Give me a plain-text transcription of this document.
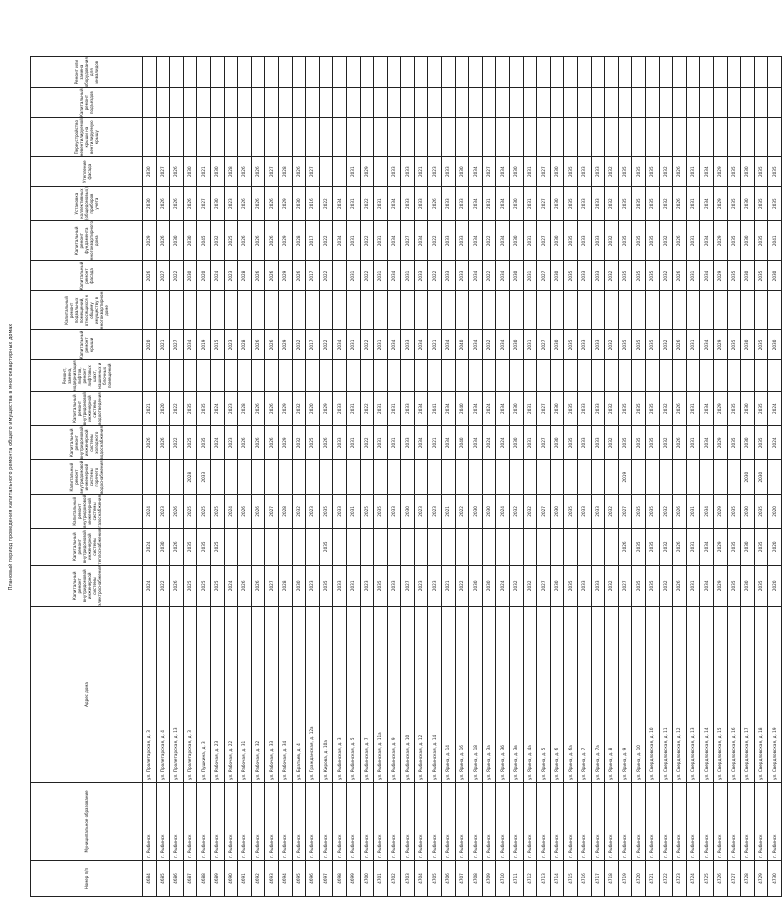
Плановый период проведения капитального ремонта общего имущества в многоквартирных домах
Номер п/п	Муниципальное образование	Адрес дома	Капитальный ремонт внутридомовой инженерной системы электроснабжения	Капитальный ремонт внутридомовой инженерной системы теплоснабжения	Капитальный ремонт внутридомовой инженерной системы газоснабжения	Капитальный ремонт внутридомовой инженерной системы горячего водоснабжения	Капитальный ремонт внутридомовой инженерной системы холодного водоснабжения	Капитальный ремонт внутридомовой инженерной системы водоотведения	Ремонт, замена, модернизация лифтов, ремонт лифтовых шахт, машинных и блочных помещений	Капитальный ремонт крыши	Капитальный ремонт подвальных помещений, относящихся к общему имуществу в многоквартирном доме	Капитальный ремонт фасада	Капитальный ремонт фундамента многоквартирного дома	Установка коллективных (общедомовых) приборов учета	Утепление фасада	Переустройство невентилируемой крыши на вентилируемую крышу	Капитальный ремонт подъездов	Ремонт или замена оборудования для инвалидов
4684	г. Рыбинск	ул. Пролетарская, д. 3	2024	2024	2024		2026	2021		2020		2026	2029	2030	2030			
4685	г. Рыбинск	ул. Пролетарская, д. 4	2022	2030	2023		2026	2020		2021		2027	2026	2026	2027			
4686	г. Рыбинск	ул. Пролетарская, д. 13	2026	2026	2026		2022	2022		2027		2022	2030	2026	2026			
4687	г. Рыбинск	ул. Пролетарская, д. 3	2025	2035	2025	2028	2025	2035		2034		2030	2030	2026	2030			
4688	г. Рыбинск	ул. Пушкина, д. 3	2025	2035	2025	2033	2035	2035		2019		2020	2045	2027	2021			
4689	г. Рыбинск	ул. Рабочая, д. 23	2025	2025	2025		2024	2024		2015		2024	2032	2030	2030			
4690	г. Рыбинск	ул. Рабочая, д. 22	2024		2024		2023	2023		2023		2023	2025	2023	2028			
4691	г. Рыбинск	ул. Рабочая, д. 31	2026		2026		2026	2028		2028		2028	2026	2026	2026			
4692	г. Рыбинск	ул. Рабочая, д. 32	2026		2026		2026	2026		2026		2026	2026	2026	2026			
4693	г. Рыбинск	ул. Рабочая, д. 33	2027		2027		2026	2026		2026		2026	2026	2026	2027			
4694	г. Рыбинск	ул. Рабочая, д. 34	2028		2028		2029	2029		2029		2029	2029	2029	2028			
4695	г. Рыбинск	ул. Братьев, д. 4	2030		2032		2032	2032		2032		2026	2028	2030	2026			
4696	г. Рыбинск	ул. Гражданская, д. 12а	2023		2023		2025	2020		2017		2017	2017	2016	2027			
4697	г. Рыбинск	ул. Кирова, д. 10а	2035	2035	2035		2026	2029		2022		2022	2022	2022				
4698	г. Рыбинск	ул. Рыбинская, д. 3	2033		2033		2033	2033		2034			2034	2034				
4699	г. Рыбинск	ул. Рыбинская, д. 5	2031		2031		2031	2031		2031		2031	2031	2031	2031			
4700	г. Рыбинск	ул. Рыбинская, д. 7	2023		2025		2022	2022		2022		2022	2022	2022	2029			
4701	г. Рыбинск	ул. Рыбинская, д. 11а	2035		2035		2031	2031		2031		2031	2031	2031				
4702	г. Рыбинск	ул. Рыбинская, д. 9	2033		2033		2031	2031		2034		2034	2034	2034	2033			
4703	г. Рыбинск	ул. Рыбинская, д. 10	2027		2030		2033	2033		2033		2031	2027	2033	2033			
4704	г. Рыбинск	ул. Рыбинская, д. 12	2023		2023		2034	2034		2034		2033	2034	2033	2021			
4705	г. Рыбинск	ул. Рыбинская, д. 14	2023		2023		2021	2041		2021		2022	2022	2026	2023			
4706	г. Рыбинск	ул. Ярина, д. 14	2021		2021		2034	2034		2034		2033	2033	2033	2033			
4707	г. Рыбинск	ул. Ярина, д. 16	2022		2022		2040	2040		2040		2033	2033	2033	2030			
4708	г. Рыбинск	ул. Ярина, д. 18	2030		2030		2034	2034		2034		2034	2034	2034	2034			
4709	г. Рыбинск	ул. Ярина, д. 3а	2030		2030		2024	2024		2032		2022	2022	2031	2027			
4710	г. Рыбинск	ул. Ярина, д. 3б	2024		2024		2024	2034		2034		2034	2034	2034	2034			
4711	г. Рыбинск	ул. Ярина, д. 3в	2032		2032		2030	2030		2030		2030	2030	2030	2030			
4712	г. Рыбинск	ул. Ярина, д. 4а	2032		2032		2031	2031		2031		2031	2031	2031	2031			
4713	г. Рыбинск	ул. Ярина, д. 5	2027		2027		2027	2027		2027		2027	2027	2027	2027			
4714	г. Рыбинск	ул. Ярина, д. 6	2030		2030		2030	2030		2030		2030	2030	2030	2030			
4715	г. Рыбинск	ул. Ярина, д. 6а	2035		2035		2035	2035		2035		2035	2035	2035	2035			
4716	г. Рыбинск	ул. Ярина, д. 7	2033		2033		2033	2033		2033		2033	2033	2033	2033			
4717	г. Рыбинск	ул. Ярина, д. 7а	2033		2033		2033	2033		2033		2033	2033	2033	2033			
4718	г. Рыбинск	ул. Ярина, д. 8	2032		2032		2032	2032		2032		2032	2032	2032	2032			
4719	г. Рыбинск	ул. Ярина, д. 9	2027	2026	2027	2019	2035	2035		2035		2035	2035	2035	2035			
4720	г. Рыбинск	ул. Ярина, д. 10	2035	2035	2035		2035	2035		2035		2035	2035	2035	2035			
4721	г. Рыбинск	ул. Свердловская, д. 10	2035	2035	2035		2035	2035		2035		2035	2035	2035	2035			
4722	г. Рыбинск	ул. Свердловская, д. 11	2032	2032	2032		2032	2032		2032		2032	2032	2032	2032			
4723	г. Рыбинск	ул. Свердловская, д. 12	2026	2026	2026		2026	2026		2026		2026	2026	2026	2026			
4724	г. Рыбинск	ул. Свердловская, д. 13	2031	2031	2031		2031	2031		2031		2031	2031	2031	2031			
4725	г. Рыбинск	ул. Свердловская, д. 14	2034	2034	2034		2034	2034		2034		2034	2034	2034	2034			
4726	г. Рыбинск	ул. Свердловская, д. 15	2029	2029	2029		2029	2029		2029		2029	2029	2029	2029			
4727	г. Рыбинск	ул. Свердловская, д. 16	2035	2035	2035		2035	2035		2035		2035	2035	2035	2035			
4728	г. Рыбинск	ул. Свердловская, д. 17	2030	2030	2030	2030	2030	2030		2030		2030	2030	2030	2030			
4729	г. Рыбинск	ул. Свердловская, д. 18	2035	2035	2035	2030	2035	2035		2035		2035	2035	2035	2035			
4730	г. Рыбинск	ул. Свердловская, д. 19	2020	2020	2020		2024	2024		2030		2030	2041	2035	2035			
